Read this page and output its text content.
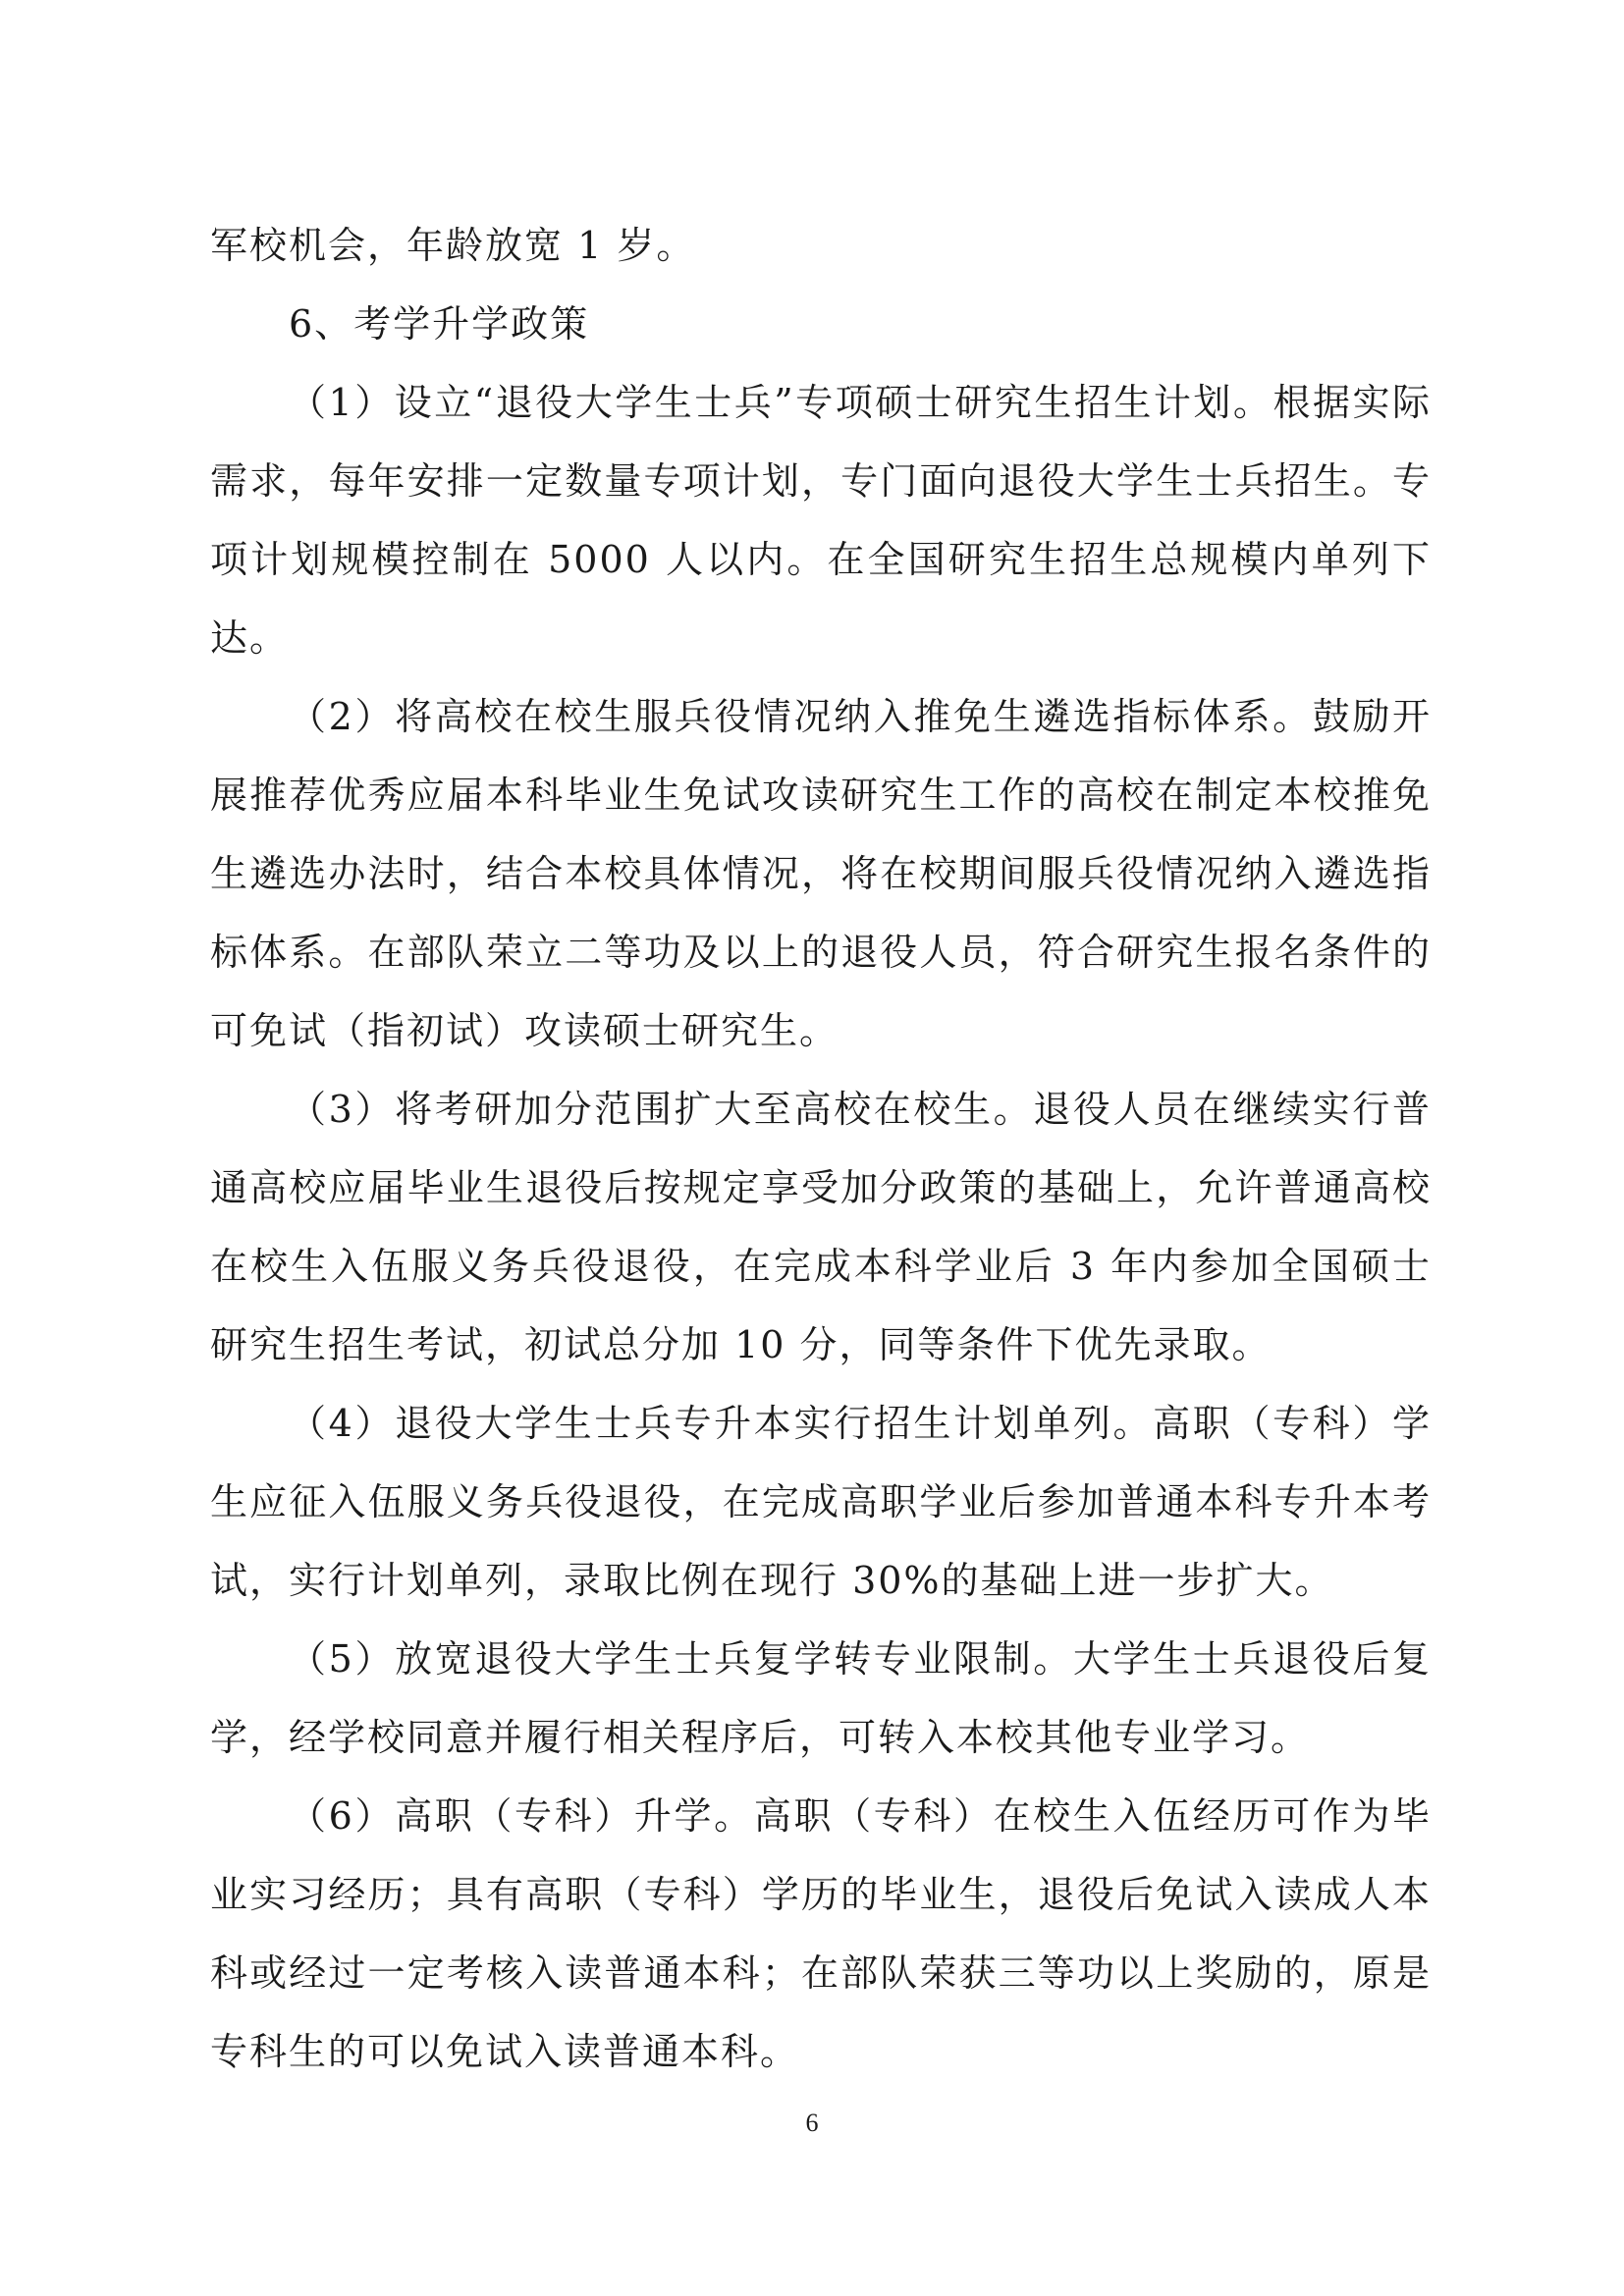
军校机会，年龄放宽 1 岁。

6、考学升学政策

（1）设立“退役大学生士兵”专项硕士研究生招生计划。根据实际需求，每年安排一定数量专项计划，专门面向退役大学生士兵招生。专项计划规模控制在 5000 人以内。在全国研究生招生总规模内单列下达。

（2）将高校在校生服兵役情况纳入推免生遴选指标体系。鼓励开展推荐优秀应届本科毕业生免试攻读研究生工作的高校在制定本校推免生遴选办法时，结合本校具体情况，将在校期间服兵役情况纳入遴选指标体系。在部队荣立二等功及以上的退役人员，符合研究生报名条件的可免试（指初试）攻读硕士研究生。

（3）将考研加分范围扩大至高校在校生。退役人员在继续实行普通高校应届毕业生退役后按规定享受加分政策的基础上，允许普通高校在校生入伍服义务兵役退役，在完成本科学业后 3 年内参加全国硕士研究生招生考试，初试总分加 10 分，同等条件下优先录取。

（4）退役大学生士兵专升本实行招生计划单列。高职（专科）学生应征入伍服义务兵役退役，在完成高职学业后参加普通本科专升本考试，实行计划单列，录取比例在现行 30%的基础上进一步扩大。

（5）放宽退役大学生士兵复学转专业限制。大学生士兵退役后复学，经学校同意并履行相关程序后，可转入本校其他专业学习。

（6）高职（专科）升学。高职（专科）在校生入伍经历可作为毕业实习经历；具有高职（专科）学历的毕业生，退役后免试入读成人本科或经过一定考核入读普通本科；在部队荣获三等功以上奖励的，原是专科生的可以免试入读普通本科。

6
